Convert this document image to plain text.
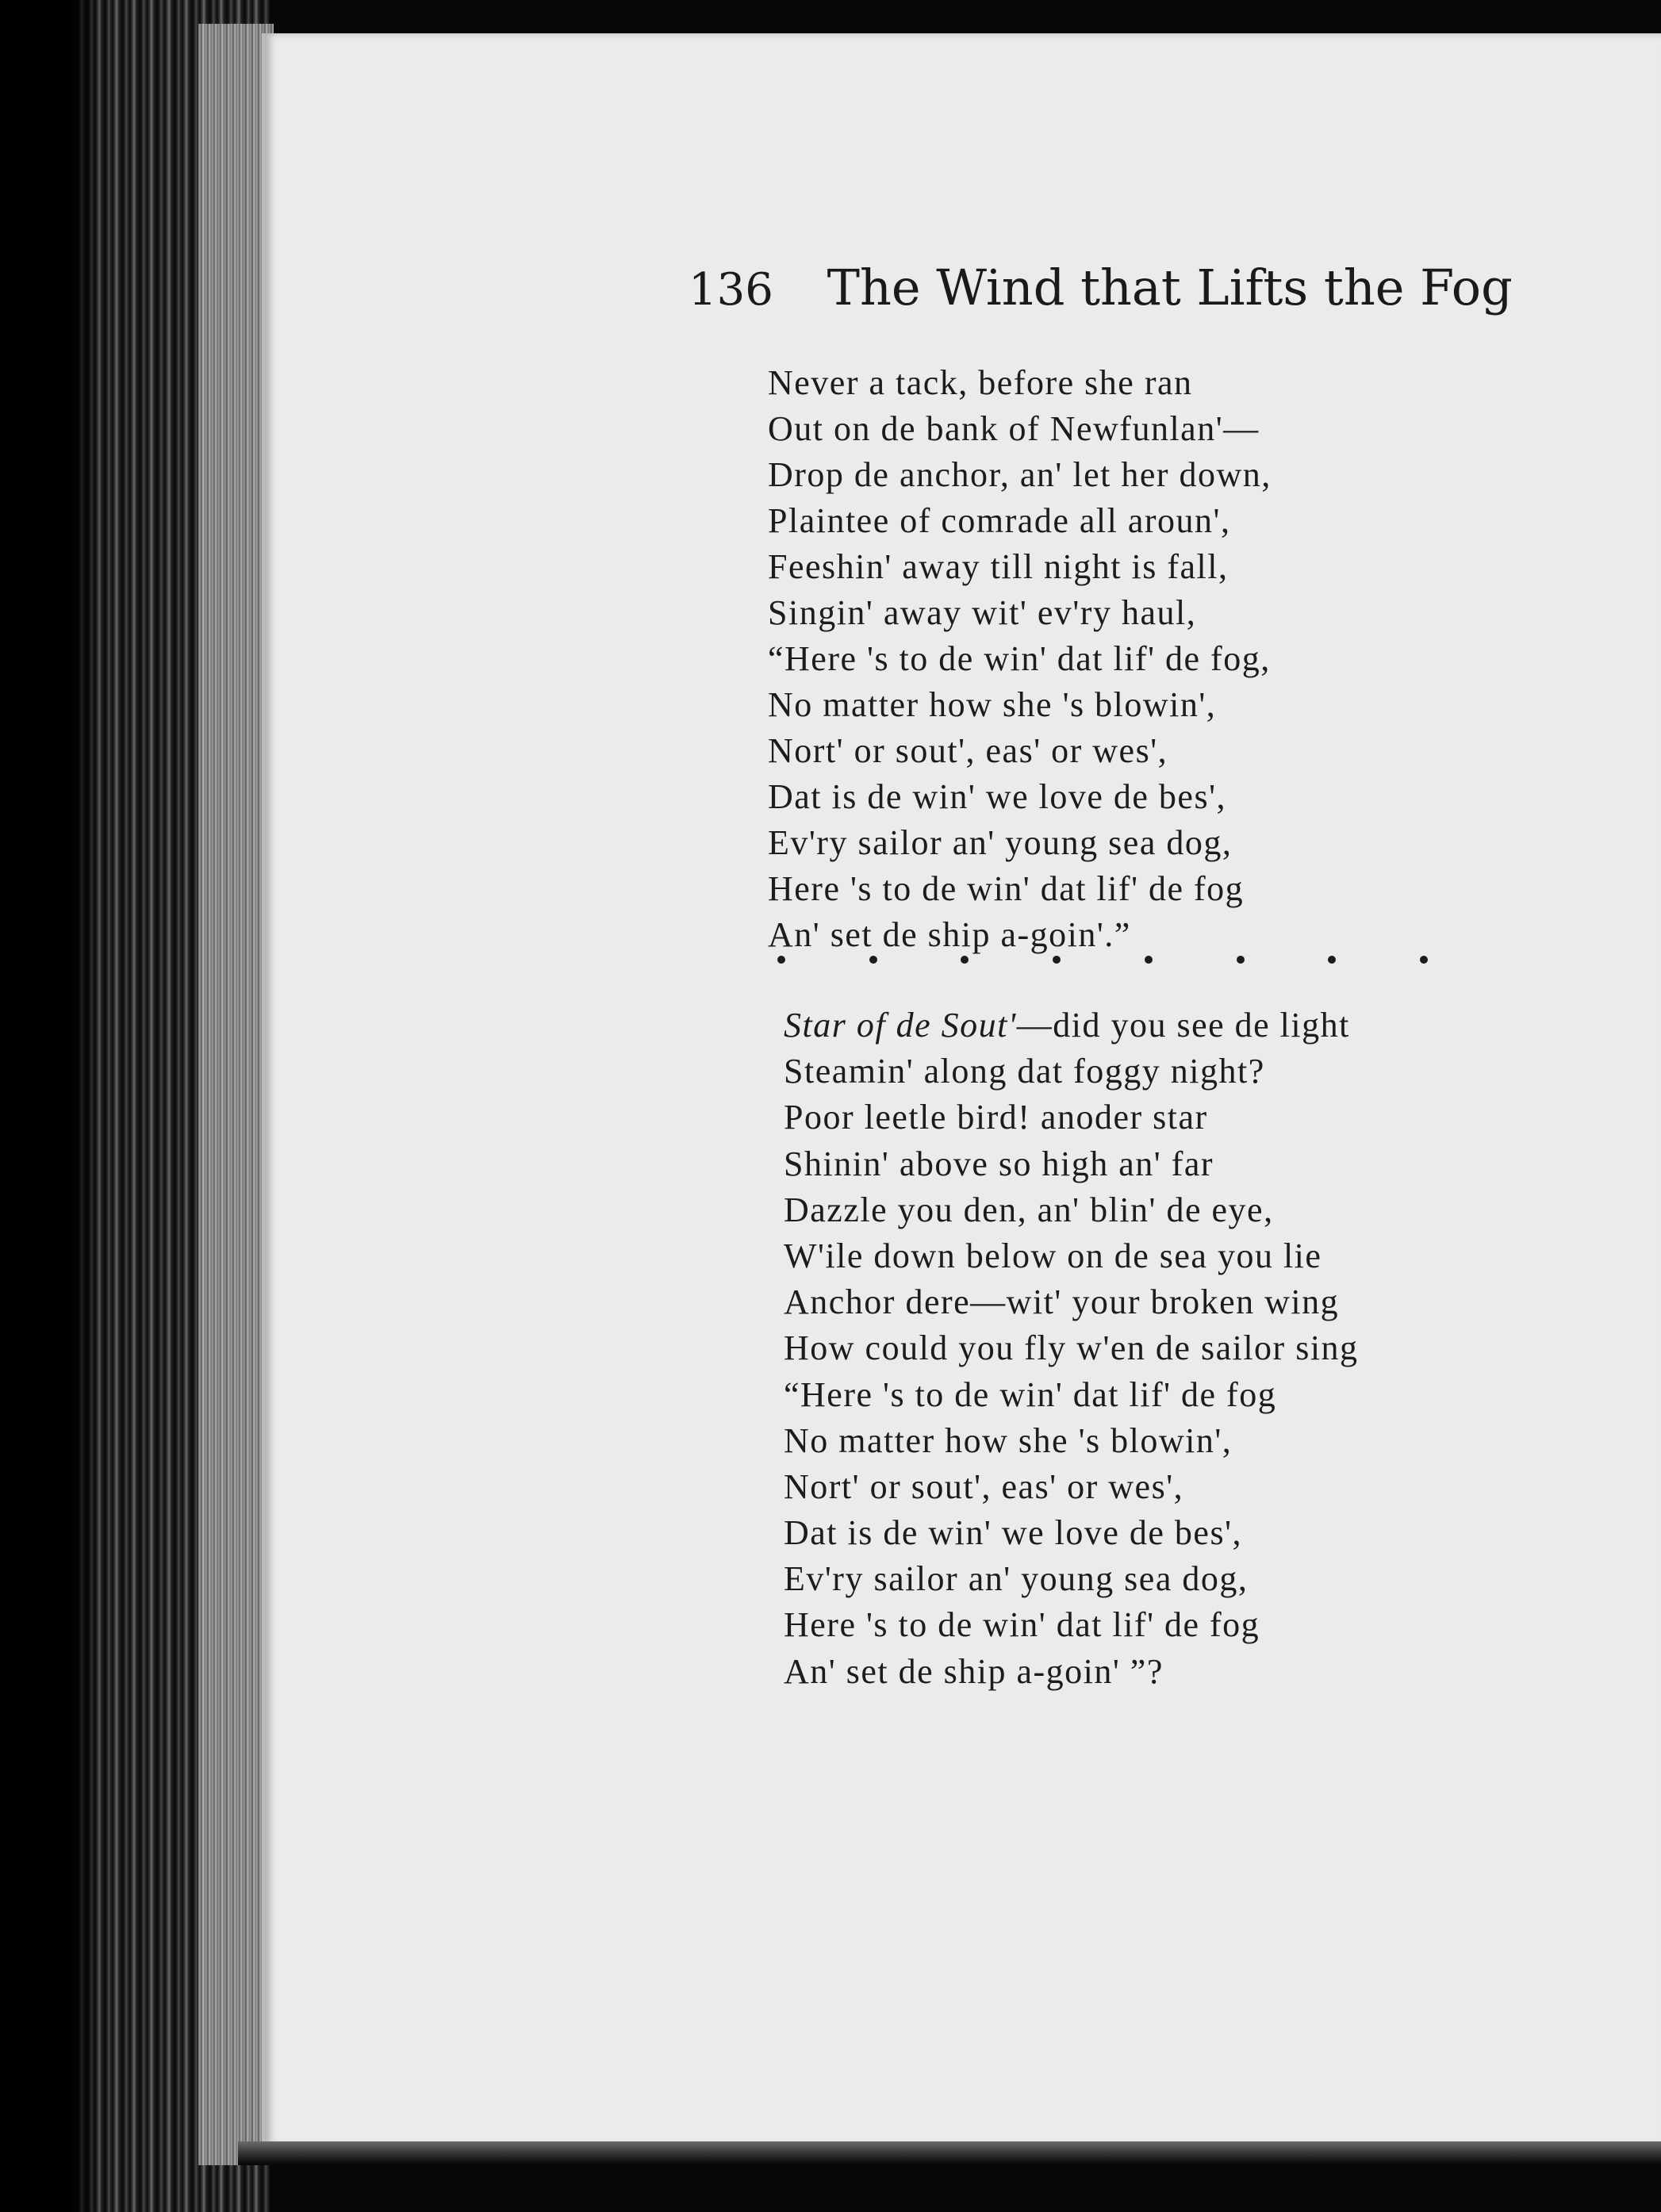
136 The Wind that Lifts the Fog
Never a tack, before she ran
Out on de bank of Newfunlan'—
Drop de anchor, an' let her down,
Plaintee of comrade all aroun',
Feeshin' away till night is fall,
Singin' away wit' ev'ry haul,
“Here 's to de win' dat lif' de fog,
No matter how she 's blowin',
Nort' or sout', eas' or wes',
Dat is de win' we love de bes',
Ev'ry sailor an' young sea dog,
Here 's to de win' dat lif' de fog
An' set de ship a-goin'.”
Star of de Sout'—did you see de light
Steamin' along dat foggy night?
Poor leetle bird! anoder star
Shinin' above so high an' far
Dazzle you den, an' blin' de eye,
W'ile down below on de sea you lie
Anchor dere—wit' your broken wing
How could you fly w'en de sailor sing
“Here 's to de win' dat lif' de fog
No matter how she 's blowin',
Nort' or sout', eas' or wes',
Dat is de win' we love de bes',
Ev'ry sailor an' young sea dog,
Here 's to de win' dat lif' de fog
An' set de ship a-goin' ”?
